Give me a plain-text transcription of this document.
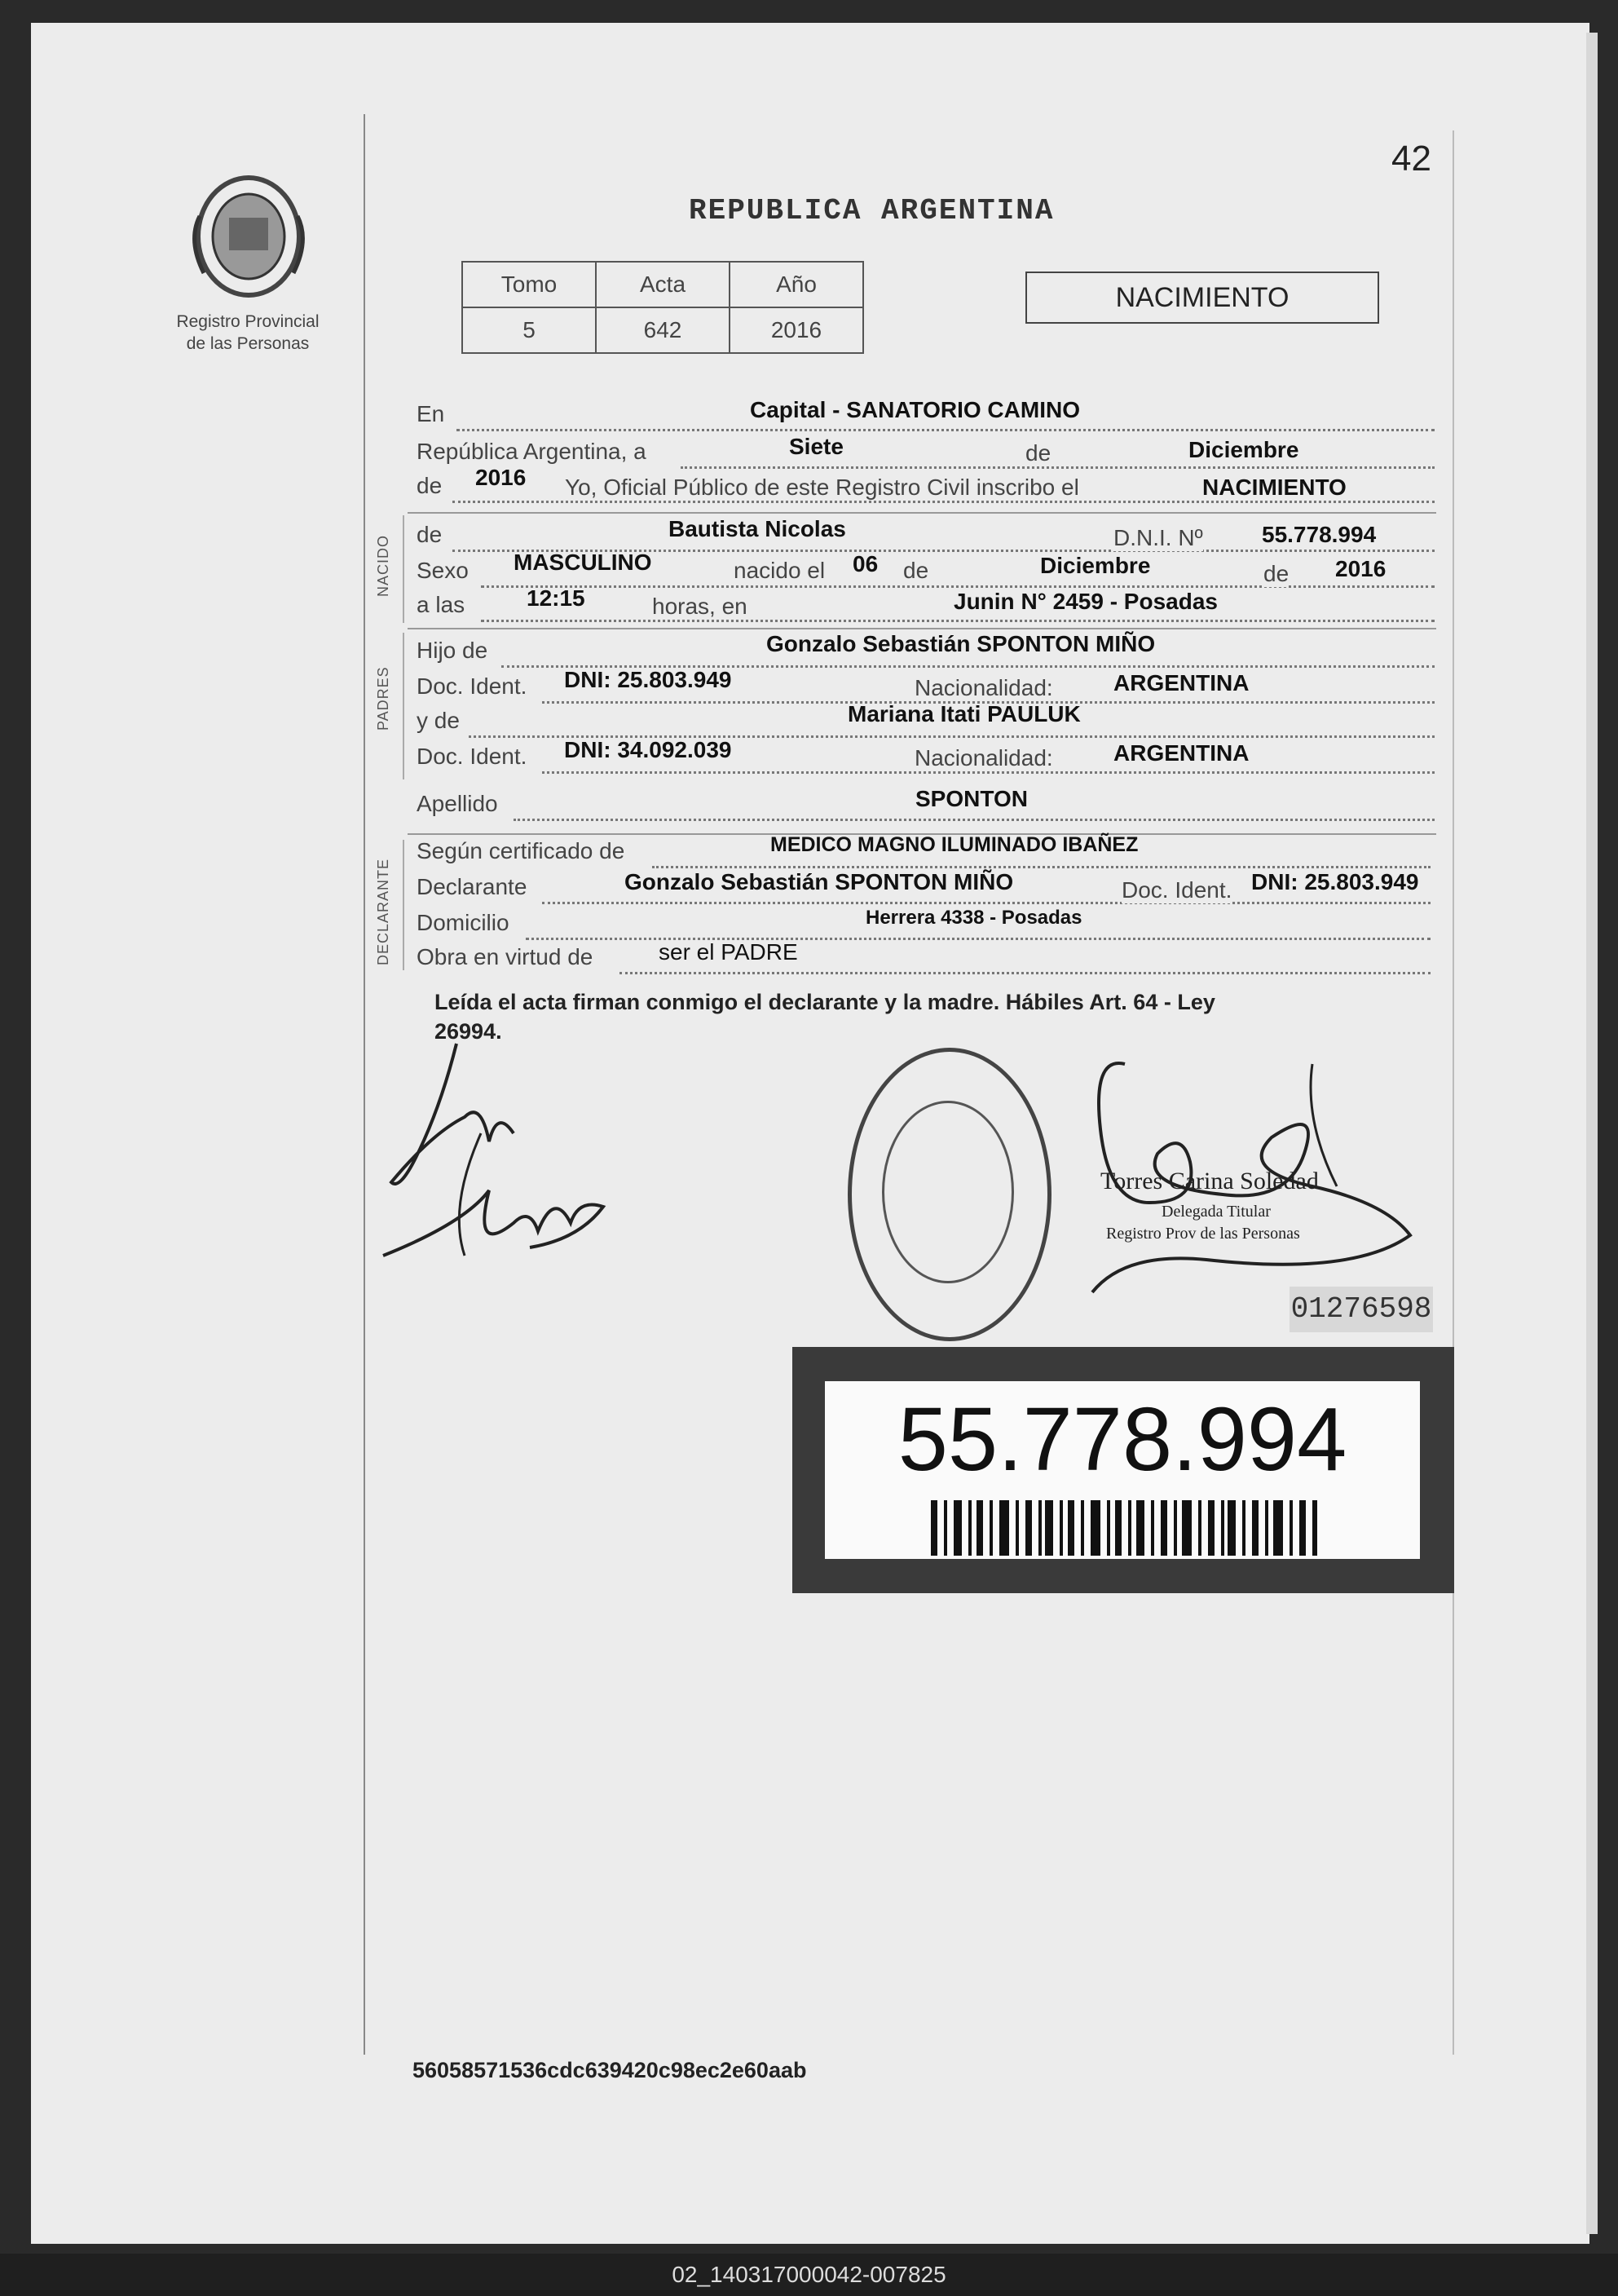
Registro Provincial
de las Personas
42
REPUBLICA ARGENTINA
Tomo	Acta	Año
5	642	2016
NACIMIENTO
En	Capital - SANATORIO CAMINO
República Argentina, a	Siete	de	Diciembre
de 2016 Yo, Oficial Público de este Registro Civil inscribo el	NACIMIENTO
NACIDO
de	Bautista Nicolas	D.N.I. Nº	55.778.994
Sexo MASCULINO	nacido el 06 de	Diciembre	de 2016
a las	12:15	horas, en	Junin N° 2459 - Posadas
PADRES
Hijo de	Gonzalo Sebastián SPONTON MIÑO
Doc. Ident. DNI: 25.803.949	Nacionalidad:	ARGENTINA
y de	Mariana Itati PAULUK
Doc. Ident. DNI: 34.092.039	Nacionalidad:	ARGENTINA
Apellido	SPONTON
DECLARANTE
Según certificado de	MEDICO MAGNO ILUMINADO IBAÑEZ
Declarante	Gonzalo Sebastián SPONTON MIÑO	Doc. Ident. DNI: 25.803.949
Domicilio	Herrera 4338 - Posadas
Obra en virtud de	ser el PADRE
Leída el acta firman conmigo el declarante y la madre. Hábiles Art. 64 - Ley
26994.
Torres Carina Soledad
Delegada Titular
Registro Prov de las Personas
01276598
55.778.994
56058571536cdc639420c98ec2e60aab
02_140317000042-007825
